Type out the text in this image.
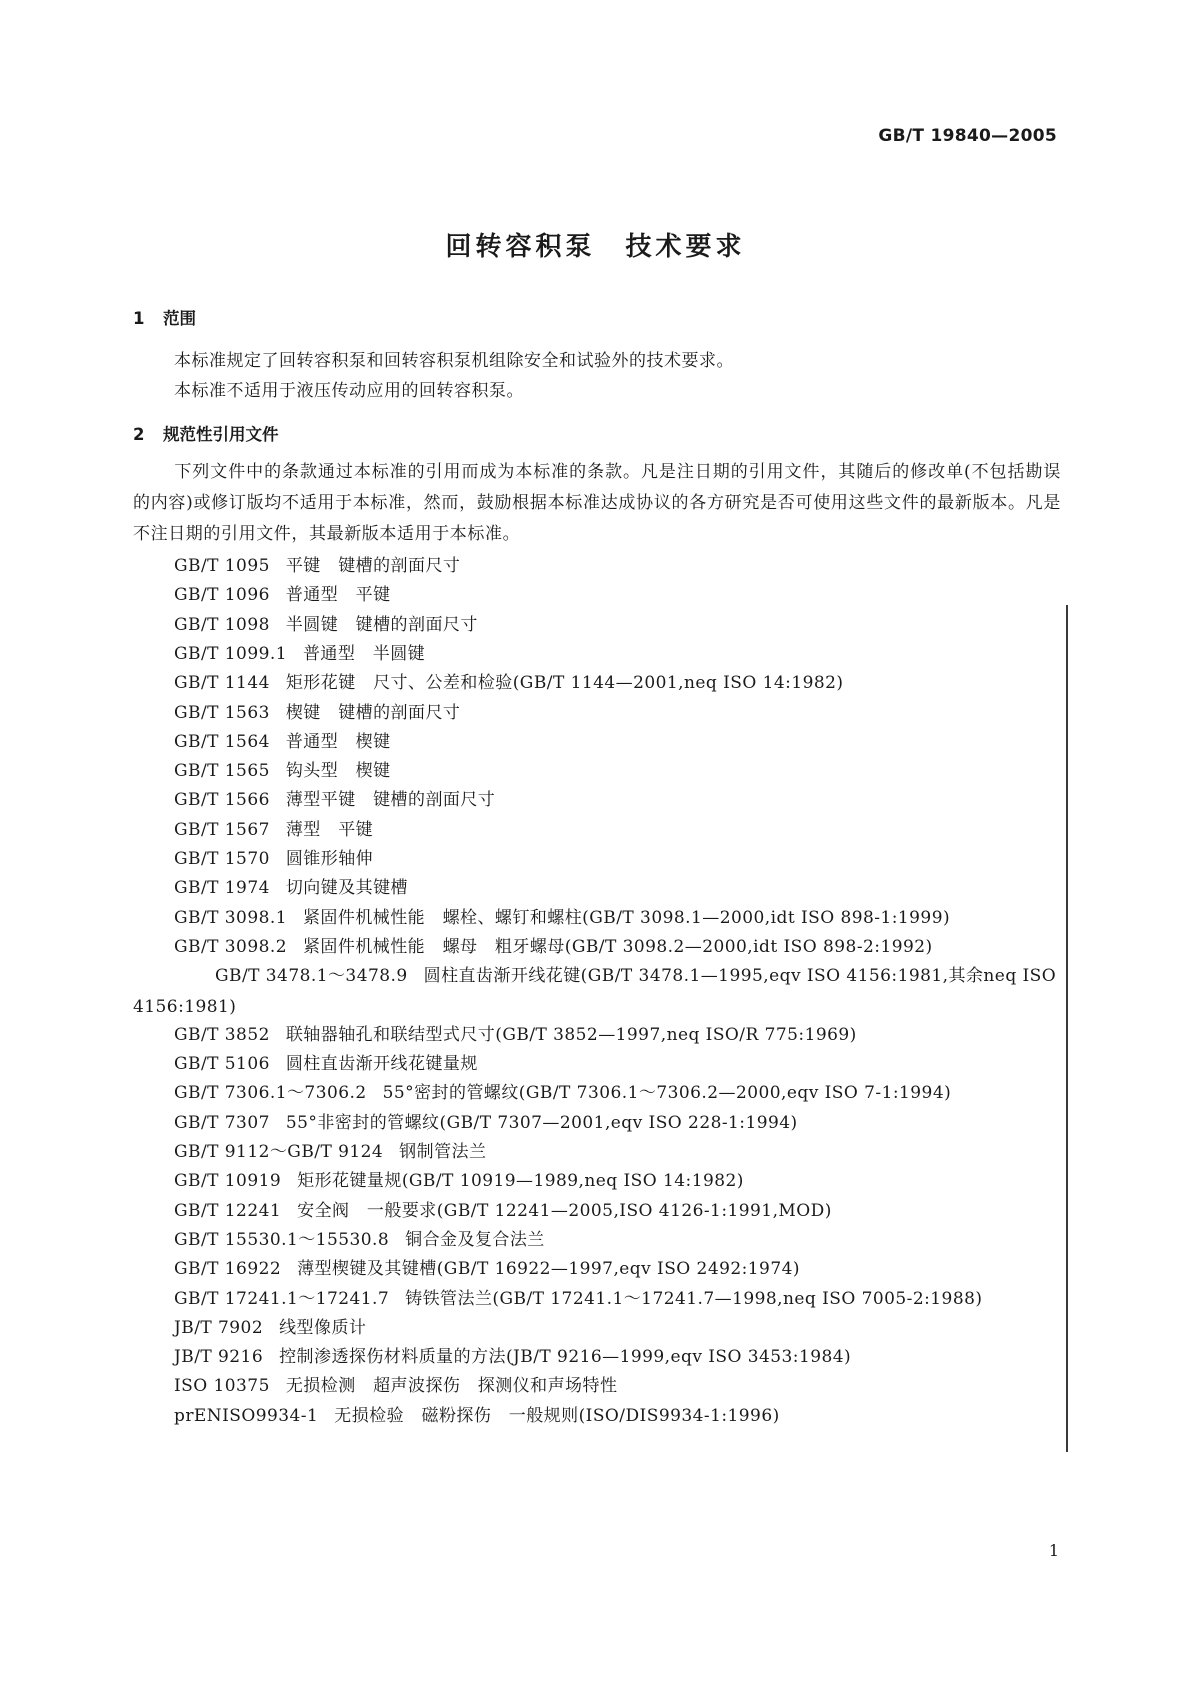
GB/T 19840—2005
回转容积泵　技术要求
1 范围
本标准规定了回转容积泵和回转容积泵机组除安全和试验外的技术要求。
本标准不适用于液压传动应用的回转容积泵。
2 规范性引用文件
下列文件中的条款通过本标准的引用而成为本标准的条款。凡是注日期的引用文件，其随后的修改单(不包括勘误的内容)或修订版均不适用于本标准，然而，鼓励根据本标准达成协议的各方研究是否可使用这些文件的最新版本。凡是不注日期的引用文件，其最新版本适用于本标准。
GB/T 1095 平键　键槽的剖面尺寸
GB/T 1096 普通型　平键
GB/T 1098 半圆键　键槽的剖面尺寸
GB/T 1099.1 普通型　半圆键
GB/T 1144 矩形花键　尺寸、公差和检验(GB/T 1144—2001,neq ISO 14:1982)
GB/T 1563 楔键　键槽的剖面尺寸
GB/T 1564 普通型　楔键
GB/T 1565 钩头型　楔键
GB/T 1566 薄型平键　键槽的剖面尺寸
GB/T 1567 薄型　平键
GB/T 1570 圆锥形轴伸
GB/T 1974 切向键及其键槽
GB/T 3098.1 紧固件机械性能　螺栓、螺钉和螺柱(GB/T 3098.1—2000,idt ISO 898-1:1999)
GB/T 3098.2 紧固件机械性能　螺母　粗牙螺母(GB/T 3098.2—2000,idt ISO 898-2:1992)
GB/T 3478.1～3478.9 圆柱直齿渐开线花键(GB/T 3478.1—1995,eqv ISO 4156:1981,其余neq ISO 4156:1981)
GB/T 3852 联轴器轴孔和联结型式尺寸(GB/T 3852—1997,neq ISO/R 775:1969)
GB/T 5106 圆柱直齿渐开线花键量规
GB/T 7306.1～7306.2 55°密封的管螺纹(GB/T 7306.1～7306.2—2000,eqv ISO 7-1:1994)
GB/T 7307 55°非密封的管螺纹(GB/T 7307—2001,eqv ISO 228-1:1994)
GB/T 9112～GB/T 9124 钢制管法兰
GB/T 10919 矩形花键量规(GB/T 10919—1989,neq ISO 14:1982)
GB/T 12241 安全阀　一般要求(GB/T 12241—2005,ISO 4126-1:1991,MOD)
GB/T 15530.1～15530.8 铜合金及复合法兰
GB/T 16922 薄型楔键及其键槽(GB/T 16922—1997,eqv ISO 2492:1974)
GB/T 17241.1～17241.7 铸铁管法兰(GB/T 17241.1～17241.7—1998,neq ISO 7005-2:1988)
JB/T 7902 线型像质计
JB/T 9216 控制渗透探伤材料质量的方法(JB/T 9216—1999,eqv ISO 3453:1984)
ISO 10375 无损检测　超声波探伤　探测仪和声场特性
prENISO9934-1 无损检验　磁粉探伤　一般规则(ISO/DIS9934-1:1996)
1
